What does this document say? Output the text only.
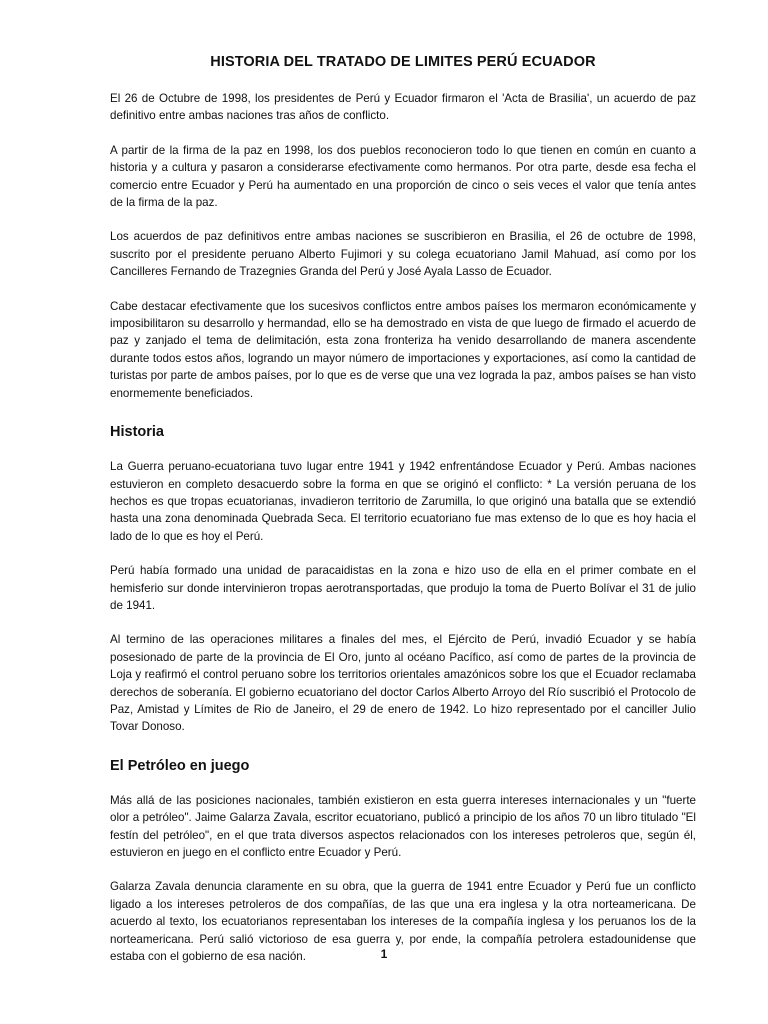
HISTORIA DEL TRATADO DE LIMITES PERÚ ECUADOR

El 26 de Octubre de 1998, los presidentes de Perú y Ecuador firmaron el 'Acta de Brasilia', un acuerdo de paz definitivo entre ambas naciones tras años de conflicto.

A partir de la firma de la paz en 1998, los dos pueblos reconocieron todo lo que tienen en común en cuanto a historia y a cultura y pasaron a considerarse efectivamente como hermanos. Por otra parte, desde esa fecha el comercio entre Ecuador y Perú ha aumentado en una proporción de cinco o seis veces el valor que tenía antes de la firma de la paz.

Los acuerdos de paz definitivos entre ambas naciones se suscribieron en Brasilia, el 26 de octubre de 1998, suscrito por el presidente peruano Alberto Fujimori y su colega ecuatoriano Jamil Mahuad, así como por los Cancilleres Fernando de Trazegnies Granda del Perú y José Ayala Lasso de Ecuador.

Cabe destacar efectivamente que los sucesivos conflictos entre ambos países los mermaron económicamente y imposibilitaron su desarrollo y hermandad, ello se ha demostrado en vista de que luego de firmado el acuerdo de paz y zanjado el tema de delimitación, esta zona fronteriza ha venido desarrollando de manera ascendente durante todos estos años, logrando un mayor número de importaciones y exportaciones, así como la cantidad de turistas por parte de ambos países, por lo que es de verse que una vez lograda la paz, ambos países se han visto enormemente beneficiados.

Historia

La Guerra peruano-ecuatoriana tuvo lugar entre 1941 y 1942 enfrentándose Ecuador y Perú. Ambas naciones estuvieron en completo desacuerdo sobre la forma en que se originó el conflicto: * La versión peruana de los hechos es que tropas ecuatorianas, invadieron territorio de Zarumilla, lo que originó una batalla que se extendió hasta una zona denominada Quebrada Seca. El territorio ecuatoriano fue mas extenso de lo que es hoy hacia el lado de lo que es hoy el Perú.

Perú había formado una unidad de paracaidistas en la zona e hizo uso de ella en el primer combate en el hemisferio sur donde intervinieron tropas aerotransportadas, que produjo la toma de Puerto Bolívar el 31 de julio de 1941.

Al termino de las operaciones militares a finales del mes, el Ejército de Perú, invadió Ecuador y se había posesionado de parte de la provincia de El Oro, junto al océano Pacífico, así como de partes de la provincia de Loja y reafirmó el control peruano sobre los territorios orientales amazónicos sobre los que el Ecuador reclamaba derechos de soberanía. El gobierno ecuatoriano del doctor Carlos Alberto Arroyo del Río suscribió el Protocolo de Paz, Amistad y Límites de Rio de Janeiro, el 29 de enero de 1942. Lo hizo representado por el canciller Julio Tovar Donoso.

El Petróleo en juego

Más allá de las posiciones nacionales, también existieron en esta guerra intereses internacionales y un "fuerte olor a petróleo". Jaime Galarza Zavala, escritor ecuatoriano, publicó a principio de los años 70 un libro titulado "El festín del petróleo", en el que trata diversos aspectos relacionados con los intereses petroleros que, según él, estuvieron en juego en el conflicto entre Ecuador y Perú.

Galarza Zavala denuncia claramente en su obra, que la guerra de 1941 entre Ecuador y Perú fue un conflicto ligado a los intereses petroleros de dos compañías, de las que una era inglesa y la otra norteamericana. De acuerdo al texto, los ecuatorianos representaban los intereses de la compañía inglesa y los peruanos los de la norteamericana. Perú salió victorioso de esa guerra y, por ende, la compañía petrolera estadounidense que estaba con el gobierno de esa nación.	1
